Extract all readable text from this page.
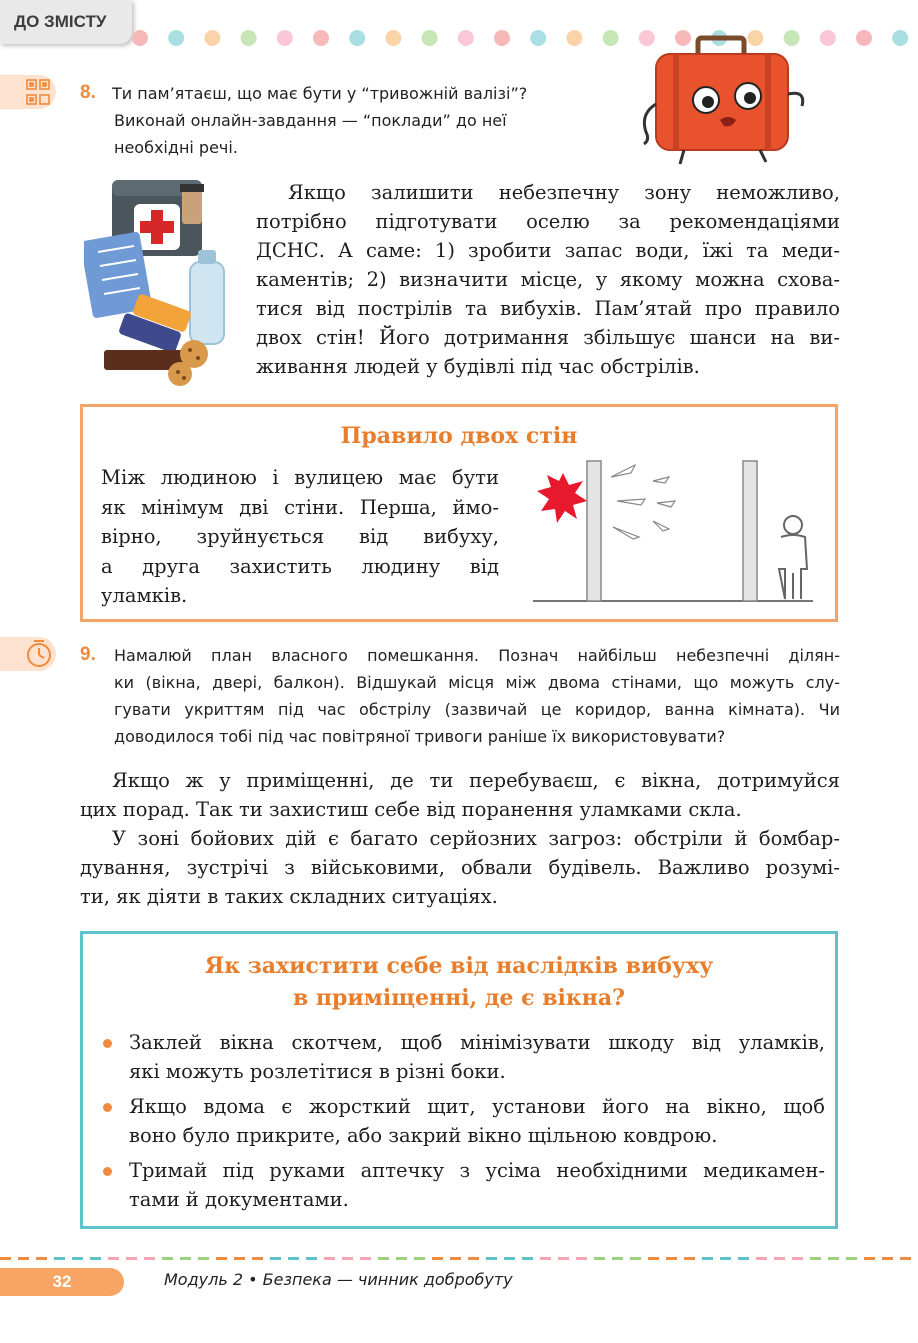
ДО ЗМІСТУ
8. Ти пам’ятаєш, що має бути у “тривожній валізі”?
Виконай онлайн-завдання — “поклади” до неї
необхідні речі.
Якщо залишити небезпечну зону неможливо,
потрібно підготувати оселю за рекомендаціями
ДСНС. А саме: 1) зробити запас води, їжі та меди-
каментів; 2) визначити місце, у якому можна схова-
тися від пострілів та вибухів. Пам’ятай про правило
двох стін! Його дотримання збільшує шанси на ви-
живання людей у будівлі під час обстрілів.
Правило двох стін
Між людиною і вулицею має бути
як мінімум дві стіни. Перша, ймо-
вірно, зруйнується від вибуху,
а друга захистить людину від
уламків.
9. Намалюй план власного помешкання. Познач найбільш небезпечні ділян-
ки (вікна, двері, балкон). Відшукай місця між двома стінами, що можуть слу-
гувати укриттям під час обстрілу (зазвичай це коридор, ванна кімната). Чи
доводилося тобі під час повітряної тривоги раніше їх використовувати?
Якщо ж у приміщенні, де ти перебуваєш, є вікна, дотримуйся
цих порад. Так ти захистиш себе від поранення уламками скла.
У зоні бойових дій є багато серйозних загроз: обстріли й бомбар-
дування, зустрічі з військовими, обвали будівель. Важливо розумі-
ти, як діяти в таких складних ситуаціях.
Як захистити себе від наслідків вибуху
в приміщенні, де є вікна?
Заклей вікна скотчем, щоб мінімізувати шкоду від уламків,
які можуть розлетітися в різні боки.
Якщо вдома є жорсткий щит, установи його на вікно, щоб
воно було прикрите, або закрий вікно щільною ковдрою.
Тримай під руками аптечку з усіма необхідними медикамен-
тами й документами.
32	Модуль 2 • Безпека — чинник добробуту
